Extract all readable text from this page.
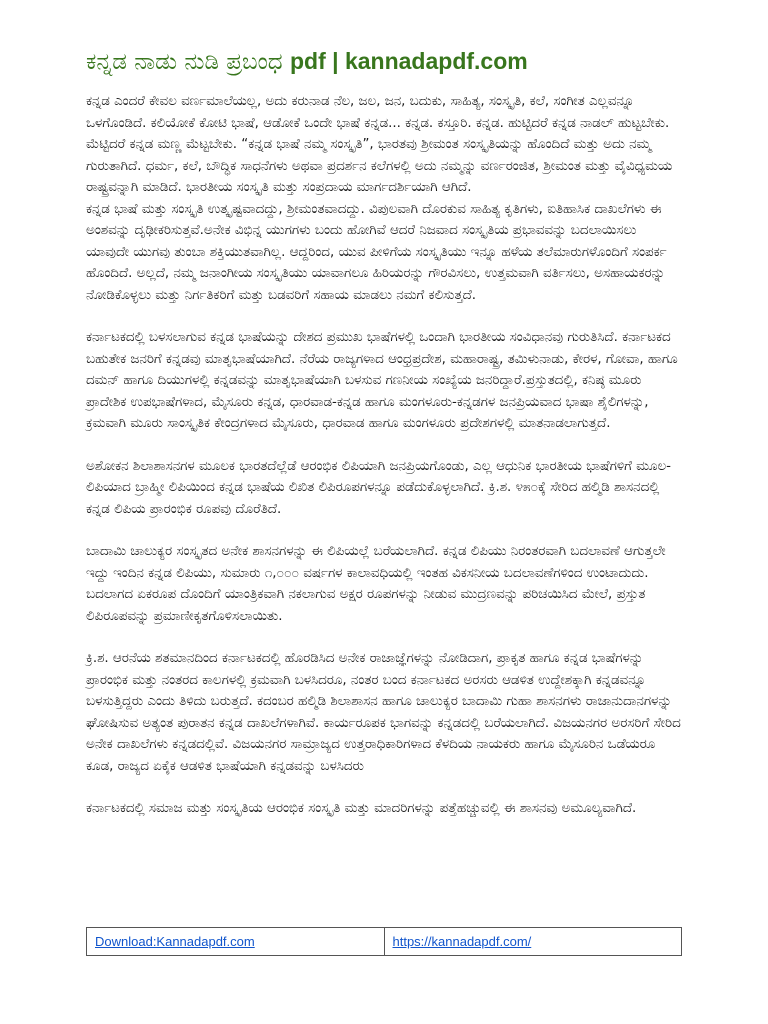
ಕನ್ನಡ ನಾಡು ನುಡಿ ಪ್ರಬಂಧ pdf | kannadapdf.com

ಕನ್ನಡ ಎಂದರೆ ಕೇವಲ ವರ್ಣಮಾಲೆಯಲ್ಲ, ಅದು ಕರುನಾಡ ನೆಲ, ಜಲ, ಜನ, ಬದುಕು, ಸಾಹಿತ್ಯ, ಸಂಸ್ಕೃತಿ, ಕಲೆ, ಸಂಗೀತ ಎಲ್ಲವನ್ನೂ ಒಳಗೊಂಡಿದೆ. ಕಲಿಯೋಕೆ ಕೋಟಿ ಭಾಷೆ, ಆಡೋಕೆ ಒಂದೇ ಭಾಷೆ ಕನ್ನಡ... ಕನ್ನಡ. ಕಸ್ತೂರಿ. ಕನ್ನಡ. ಹುಟ್ಟಿದರೆ ಕನ್ನಡ ನಾಡಲ್ ಹುಟ್ಟಬೇಕು. ಮೆಟ್ಟಿದರೆ ಕನ್ನಡ ಮಣ್ಣ ಮೆಟ್ಟಬೇಕು. “ಕನ್ನಡ ಭಾಷೆ ನಮ್ಮ ಸಂಸ್ಕೃತಿ”, ಭಾರತವು ಶ್ರೀಮಂತ ಸಂಸ್ಕೃತಿಯನ್ನು ಹೊಂದಿದೆ ಮತ್ತು ಅದು ನಮ್ಮ ಗುರುತಾಗಿದೆ. ಧರ್ಮ, ಕಲೆ, ಬೌದ್ಧಿಕ ಸಾಧನೆಗಳು ಅಥವಾ ಪ್ರದರ್ಶನ ಕಲೆಗಳಲ್ಲಿ ಅದು ನಮ್ಮನ್ನು ವರ್ಣರಂಜಿತ, ಶ್ರೀಮಂತ ಮತ್ತು ವೈವಿಧ್ಯಮಯ ರಾಷ್ಟ್ರವನ್ನಾಗಿ ಮಾಡಿದೆ. ಭಾರತೀಯ ಸಂಸ್ಕೃತಿ ಮತ್ತು ಸಂಪ್ರದಾಯ ಮಾರ್ಗದರ್ಶಿಯಾಗಿ ಆಗಿದೆ.

ಕನ್ನಡ ಭಾಷೆ ಮತ್ತು ಸಂಸ್ಕೃತಿ ಉತ್ಕೃಷ್ಟವಾದದ್ದು, ಶ್ರೀಮಂತವಾದದ್ದು. ವಿಪುಲವಾಗಿ ದೊರಕುವ ಸಾಹಿತ್ಯ ಕೃತಿಗಳು, ಐತಿಹಾಸಿಕ ದಾಖಲೆಗಳು ಈ ಅಂಶವನ್ನು ದೃಢೀಕರಿಸುತ್ತವೆ.ಅನೇಕ ವಿಭಿನ್ನ ಯುಗಗಳು ಬಂದು ಹೋಗಿವೆ ಆದರೆ ನಿಜವಾದ ಸಂಸ್ಕೃತಿಯ ಪ್ರಭಾವವನ್ನು ಬದಲಾಯಿಸಲು ಯಾವುದೇ ಯುಗವು ತುಂಬಾ ಶಕ್ತಿಯುತವಾಗಿಲ್ಲ. ಆದ್ದರಿಂದ, ಯುವ ಪೀಳಿಗೆಯ ಸಂಸ್ಕೃತಿಯು ಇನ್ನೂ ಹಳೆಯ ತಲೆಮಾರುಗಳೊಂದಿಗೆ ಸಂಪರ್ಕ ಹೊಂದಿದೆ. ಅಲ್ಲದೆ, ನಮ್ಮ ಜನಾಂಗೀಯ ಸಂಸ್ಕೃತಿಯು ಯಾವಾಗಲೂ ಹಿರಿಯರನ್ನು ಗೌರವಿಸಲು, ಉತ್ತಮವಾಗಿ ವರ್ತಿಸಲು, ಅಸಹಾಯಕರನ್ನು ನೋಡಿಕೊಳ್ಳಲು ಮತ್ತು ನಿರ್ಗತಿಕರಿಗೆ ಮತ್ತು ಬಡವರಿಗೆ ಸಹಾಯ ಮಾಡಲು ನಮಗೆ ಕಲಿಸುತ್ತದೆ.

ಕರ್ನಾಟಕದಲ್ಲಿ ಬಳಸಲಾಗುವ ಕನ್ನಡ ಭಾಷೆಯನ್ನು ದೇಶದ ಪ್ರಮುಖ ಭಾಷೆಗಳಲ್ಲಿ ಒಂದಾಗಿ ಭಾರತೀಯ ಸಂವಿಧಾನವು ಗುರುತಿಸಿದೆ. ಕರ್ನಾಟಕದ ಬಹುತೇಕ ಜನರಿಗೆ ಕನ್ನಡವು ಮಾತೃಭಾಷೆಯಾಗಿದೆ. ನೆರೆಯ ರಾಜ್ಯಗಳಾದ ಆಂಧ್ರಪ್ರದೇಶ, ಮಹಾರಾಷ್ಟ್ರ, ತಮಿಳುನಾಡು, ಕೇರಳ, ಗೋವಾ, ಹಾಗೂ ದಮನ್ ಹಾಗೂ ದಿಯುಗಳಲ್ಲಿ ಕನ್ನಡವನ್ನು ಮಾತೃಭಾಷೆಯಾಗಿ ಬಳಸುವ ಗಣನೀಯ ಸಂಖ್ಯೆಯ ಜನರಿದ್ದಾರೆ.ಪ್ರಸ್ತುತದಲ್ಲಿ, ಕನಿಷ್ಠ ಮೂರು ಪ್ರಾದೇಶಿಕ ಉಪಭಾಷೆಗಳಾದ, ಮೈಸೂರು ಕನ್ನಡ, ಧಾರವಾಡ-ಕನ್ನಡ ಹಾಗೂ ಮಂಗಳೂರು-ಕನ್ನಡಗಳ ಜನಪ್ರಿಯವಾದ ಭಾಷಾ ಶೈಲಿಗಳನ್ನು, ಕ್ರಮವಾಗಿ ಮೂರು ಸಾಂಸ್ಕೃತಿಕ ಕೇಂದ್ರಗಳಾದ ಮೈಸೂರು, ಧಾರವಾಡ ಹಾಗೂ ಮಂಗಳೂರು ಪ್ರದೇಶಗಳಲ್ಲಿ ಮಾತನಾಡಲಾಗುತ್ತದೆ.

ಅಶೋಕನ ಶಿಲಾಶಾಸನಗಳ ಮೂಲಕ ಭಾರತದೆಲ್ಲೆಡೆ ಆರಂಭಿಕ ಲಿಪಿಯಾಗಿ ಜನಪ್ರಿಯಗೊಂಡು, ಎಲ್ಲ ಆಧುನಿಕ ಭಾರತೀಯ ಭಾಷೆಗಳಿಗೆ ಮೂಲ-ಲಿಪಿಯಾದ ಬ್ರಾಹ್ಮೀ ಲಿಪಿಯಿಂದ ಕನ್ನಡ ಭಾಷೆಯ ಲಿಖಿತ ಲಿಪಿರೂಪಗಳನ್ನೂ ಪಡೆದುಕೊಳ್ಳಲಾಗಿದೆ. ಕ್ರಿ.ಶ. ೪೫೦ಕ್ಕೆ ಸೇರಿದ ಹಲ್ಮಿಡಿ ಶಾಸನದಲ್ಲಿ ಕನ್ನಡ ಲಿಪಿಯ ಪ್ರಾರಂಭಿಕ ರೂಪವು ದೊರೆತಿದೆ.

ಬಾದಾಮಿ ಚಾಲುಕ್ಯರ ಸಂಸ್ಕೃತದ ಅನೇಕ ಶಾಸನಗಳನ್ನು ಈ ಲಿಪಿಯಲ್ಲೆ ಬರೆಯಲಾಗಿದೆ. ಕನ್ನಡ ಲಿಪಿಯು ನಿರಂತರವಾಗಿ ಬದಲಾವಣೆ ಆಗುತ್ತಲೇ ಇದ್ದು ಇಂದಿನ ಕನ್ನಡ ಲಿಪಿಯು, ಸುಮಾರು ೧,೦೦೦ ವರ್ಷಗಳ ಕಾಲಾವಧಿಯಲ್ಲಿ ಇಂತಹ ವಿಕಸನೀಯ ಬದಲಾವಣೆಗಳಿಂದ ಉಂಟಾದುದು. ಬದಲಾಗದ ಏಕರೂಪ ದೊಂದಿಗೆ ಯಾಂತ್ರಿಕವಾಗಿ ನಕಲಾಗುವ ಅಕ್ಷರ ರೂಪಗಳನ್ನು ನೀಡುವ ಮುದ್ರಣವನ್ನು ಪರಿಚಯಿಸಿದ ಮೇಲೆ, ಪ್ರಸ್ತುತ ಲಿಪಿರೂಪವನ್ನು ಪ್ರಮಾಣೀಕೃತಗೊಳಿಸಲಾಯಿತು.

ಕ್ರಿ.ಶ. ಆರನೆಯ ಶತಮಾನದಿಂದ ಕರ್ನಾಟಕದಲ್ಲಿ ಹೊರಡಿಸಿದ ಅನೇಕ ರಾಜಾಜ್ಞೆಗಳನ್ನು ನೋಡಿದಾಗ, ಪ್ರಾಕೃತ ಹಾಗೂ ಕನ್ನಡ ಭಾಷೆಗಳನ್ನು ಪ್ರಾರಂಭಿಕ ಮತ್ತು ನಂತರದ ಕಾಲಗಳಲ್ಲಿ ಕ್ರಮವಾಗಿ ಬಳಸಿದರೂ, ನಂತರ ಬಂದ ಕರ್ನಾಟಕದ ಅರಸರು ಆಡಳಿತ ಉದ್ದೇಶಕ್ಕಾಗಿ ಕನ್ನಡವನ್ನೂ ಬಳಸುತ್ತಿದ್ದರು ಎಂದು ತಿಳಿದು ಬರುತ್ತದೆ. ಕದಂಬರ ಹಲ್ಮಿಡಿ ಶಿಲಾಶಾಸನ ಹಾಗೂ ಚಾಲುಕ್ಯರ ಬಾದಾಮಿ ಗುಹಾ ಶಾಸನಗಳು ರಾಜಾನುದಾನಗಳನ್ನು ಘೋಷಿಸುವ ಅತ್ಯಂತ ಪುರಾತನ ಕನ್ನಡ ದಾಖಲೆಗಳಾಗಿವೆ. ಕಾರ್ಯರೂಪಕ ಭಾಗವನ್ನು ಕನ್ನಡದಲ್ಲಿ ಬರೆಯಲಾಗಿದೆ. ವಿಜಯನಗರ ಅರಸರಿಗೆ ಸೇರಿದ ಅನೇಕ ದಾಖಲೆಗಳು ಕನ್ನಡದಲ್ಲಿವೆ. ವಿಜಯನಗರ ಸಾಮ್ರಾಜ್ಯದ ಉತ್ತರಾಧಿಕಾರಿಗಳಾದ ಕೆಳದಿಯ ನಾಯಕರು ಹಾಗೂ ಮೈಸೂರಿನ ಒಡೆಯರೂ ಕೂಡ, ರಾಜ್ಯದ ಏಕೈಕ ಆಡಳಿತ ಭಾಷೆಯಾಗಿ ಕನ್ನಡವನ್ನು ಬಳಸಿದರು

ಕರ್ನಾಟಕದಲ್ಲಿ ಸಮಾಜ ಮತ್ತು ಸಂಸ್ಕೃತಿಯ ಆರಂಭಿಕ ಸಂಸ್ಕೃತಿ ಮತ್ತು ಮಾದರಿಗಳನ್ನು ಪತ್ತೆಹಚ್ಚುವಲ್ಲಿ ಈ ಶಾಸನವು ಅಮೂಲ್ಯವಾಗಿದೆ.

Download:Kannadapdf.com	https://kannadapdf.com/
